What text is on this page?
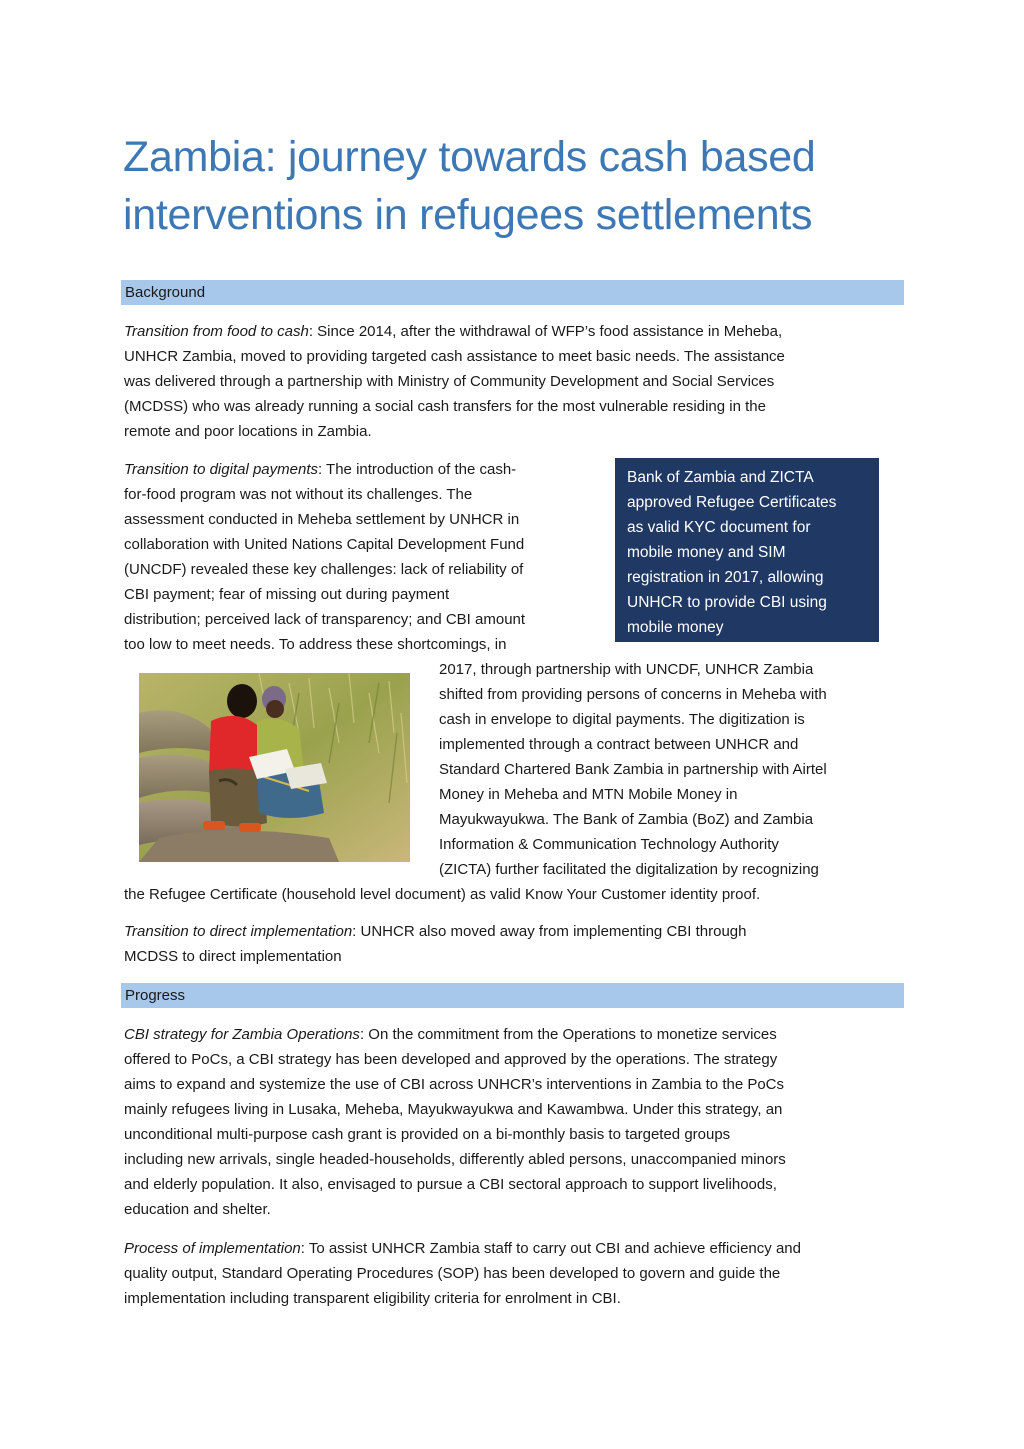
Zambia: journey towards cash based
interventions in refugees settlements
Background

Transition from food to cash: Since 2014, after the withdrawal of WFP’s food assistance in Meheba,
UNHCR Zambia, moved to providing targeted cash assistance to meet basic needs. The assistance
was delivered through a partnership with Ministry of Community Development and Social Services
(MCDSS) who was already running a social cash transfers for the most vulnerable residing in the
remote and poor locations in Zambia.

Transition to digital payments: The introduction of the cash-
for-food program was not without its challenges. The
assessment conducted in Meheba settlement by UNHCR in
collaboration with United Nations Capital Development Fund
(UNCDF) revealed these key challenges: lack of reliability of
CBI payment; fear of missing out during payment
distribution; perceived lack of transparency; and CBI amount
too low to meet needs. To address these shortcomings, in

2017, through partnership with UNCDF, UNHCR Zambia
shifted from providing persons of concerns in Meheba with
cash in envelope to digital payments. The digitization is
implemented through a contract between UNHCR and
Standard Chartered Bank Zambia in partnership with Airtel
Money in Meheba and MTN Mobile Money in
Mayukwayukwa. The Bank of Zambia (BoZ) and Zambia
Information & Communication Technology Authority
(ZICTA) further facilitated the digitalization by recognizing

the Refugee Certificate (household level document) as valid Know Your Customer identity proof.

Bank of Zambia and ZICTA
approved Refugee Certificates
as valid KYC document for
mobile money and SIM
registration in 2017, allowing
UNHCR to provide CBI using
mobile money

Transition to direct implementation: UNHCR also moved away from implementing CBI through
MCDSS to direct implementation

Progress

CBI strategy for Zambia Operations: On the commitment from the Operations to monetize services
offered to PoCs, a CBI strategy has been developed and approved by the operations. The strategy
aims to expand and systemize the use of CBI across UNHCR’s interventions in Zambia to the PoCs
mainly refugees living in Lusaka, Meheba, Mayukwayukwa and Kawambwa. Under this strategy, an
unconditional multi-purpose cash grant is provided on a bi-monthly basis to targeted groups
including new arrivals, single headed-households, differently abled persons, unaccompanied minors
and elderly population. It also, envisaged to pursue a CBI sectoral approach to support livelihoods,
education and shelter.

Process of implementation: To assist UNHCR Zambia staff to carry out CBI and achieve efficiency and
quality output, Standard Operating Procedures (SOP) has been developed to govern and guide the
implementation including transparent eligibility criteria for enrolment in CBI.
